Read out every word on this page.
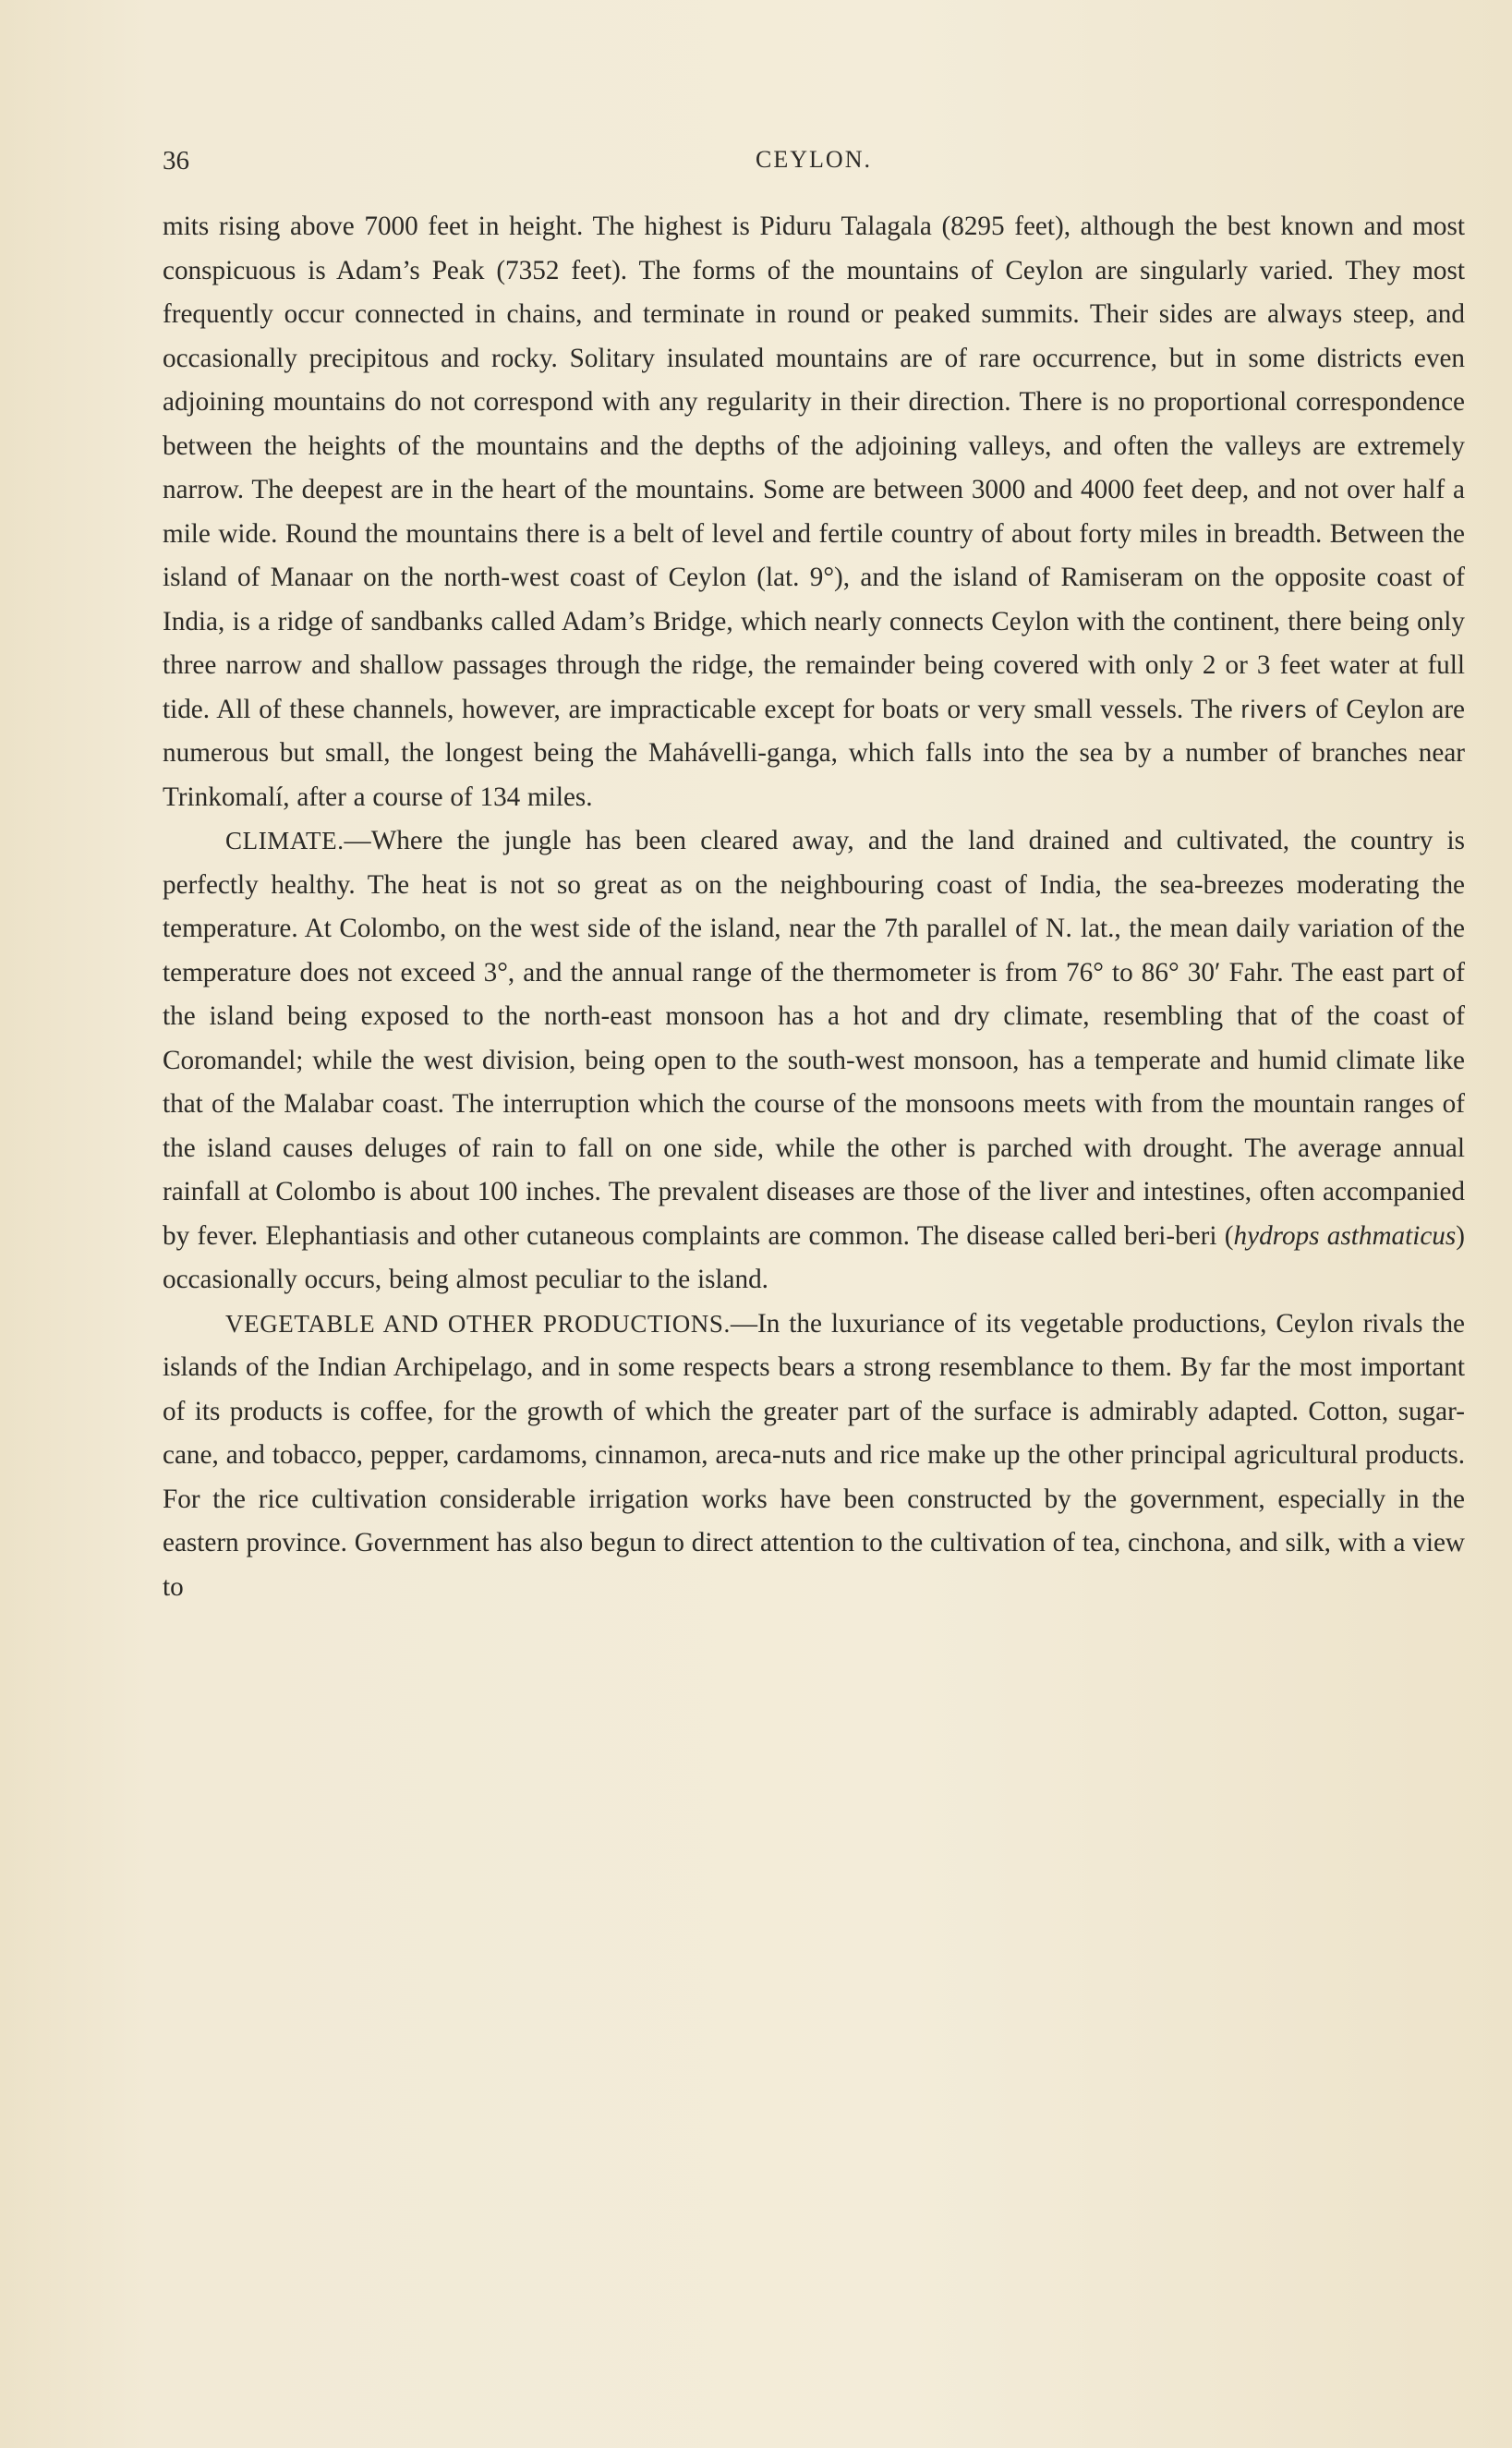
36	CEYLON.

mits rising above 7000 feet in height. The highest is Piduru Talagala (8295 feet), although the best known and most conspicuous is Adam’s Peak (7352 feet). The forms of the mountains of Ceylon are singularly varied. They most frequently occur connected in chains, and terminate in round or peaked summits. Their sides are always steep, and occasionally precipitous and rocky. Solitary insulated mountains are of rare occurrence, but in some districts even adjoining mountains do not correspond with any regularity in their direction. There is no proportional correspondence between the heights of the mountains and the depths of the adjoining valleys, and often the valleys are extremely narrow. The deepest are in the heart of the mountains. Some are between 3000 and 4000 feet deep, and not over half a mile wide. Round the mountains there is a belt of level and fertile country of about forty miles in breadth. Between the island of Manaar on the north-west coast of Ceylon (lat. 9°), and the island of Ramiseram on the opposite coast of India, is a ridge of sandbanks called Adam’s Bridge, which nearly connects Ceylon with the continent, there being only three narrow and shallow passages through the ridge, the remainder being covered with only 2 or 3 feet water at full tide. All of these channels, however, are impracticable except for boats or very small vessels. The rivers of Ceylon are numerous but small, the longest being the Mahávelli-ganga, which falls into the sea by a number of branches near Trinkomalí, after a course of 134 miles.

CLIMATE.—Where the jungle has been cleared away, and the land drained and cultivated, the country is perfectly healthy. The heat is not so great as on the neighbouring coast of India, the sea-breezes moderating the temperature. At Colombo, on the west side of the island, near the 7th parallel of N. lat., the mean daily variation of the temperature does not exceed 3°, and the annual range of the thermometer is from 76° to 86° 30′ Fahr. The east part of the island being exposed to the north-east monsoon has a hot and dry climate, resembling that of the coast of Coromandel; while the west division, being open to the south-west monsoon, has a temperate and humid climate like that of the Malabar coast. The interruption which the course of the monsoons meets with from the mountain ranges of the island causes deluges of rain to fall on one side, while the other is parched with drought. The average annual rainfall at Colombo is about 100 inches. The prevalent diseases are those of the liver and intestines, often accompanied by fever. Elephantiasis and other cutaneous complaints are common. The disease called beri-beri (hydrops asthmaticus) occasionally occurs, being almost peculiar to the island.

VEGETABLE AND OTHER PRODUCTIONS.—In the luxuriance of its vegetable productions, Ceylon rivals the islands of the Indian Archipelago, and in some respects bears a strong resemblance to them. By far the most important of its products is coffee, for the growth of which the greater part of the surface is admirably adapted. Cotton, sugar-cane, and tobacco, pepper, cardamoms, cinnamon, areca-nuts and rice make up the other principal agricultural products. For the rice cultivation considerable irrigation works have been constructed by the government, especially in the eastern province. Government has also begun to direct attention to the cultivation of tea, cinchona, and silk, with a view to
